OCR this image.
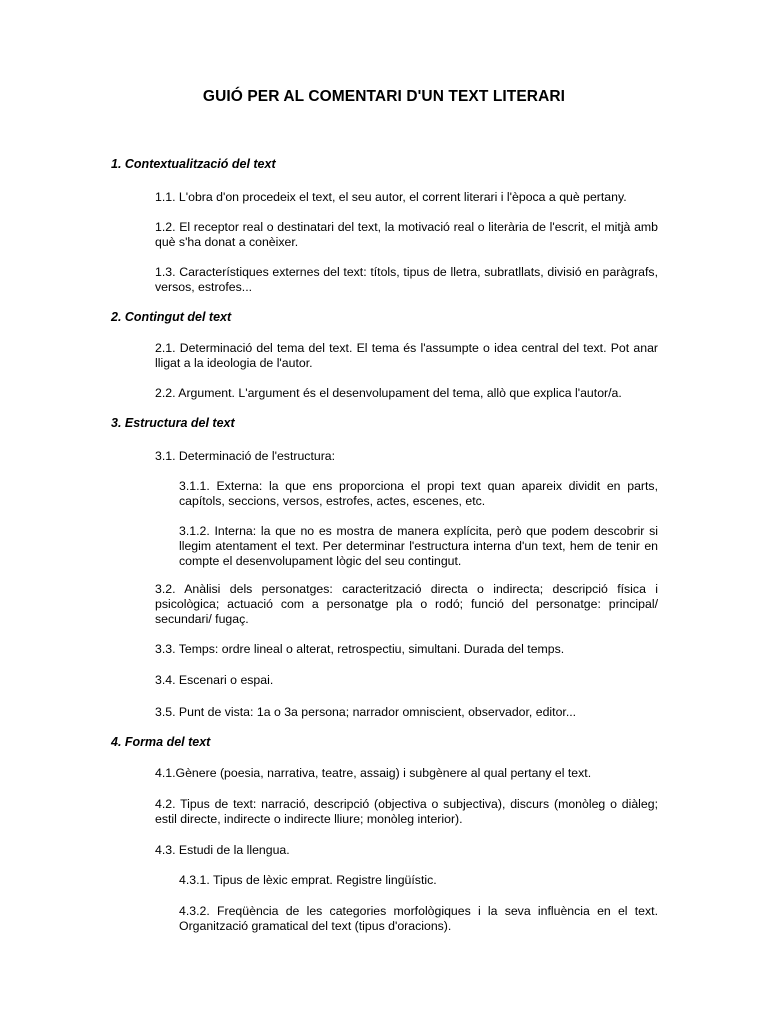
GUIÓ PER AL COMENTARI D'UN TEXT LITERARI
1. Contextualització del text

1.1. L'obra d'on procedeix el text, el seu autor, el corrent literari i l'època a què pertany.

1.2. El receptor real o destinatari del text, la motivació real o literària de l'escrit, el mitjà amb què s'ha donat a conèixer.

1.3. Característiques externes del text: títols, tipus de lletra, subratllats, divisió en paràgrafs, versos, estrofes...

2. Contingut del text

2.1. Determinació del tema del text. El tema és l'assumpte o idea central del text. Pot anar lligat a la ideologia de l'autor.

2.2. Argument. L'argument és el desenvolupament del tema, allò que explica l'autor/a.

3. Estructura del text

3.1. Determinació de l'estructura:

3.1.1. Externa: la que ens proporciona el propi text quan apareix dividit en parts, capítols, seccions, versos, estrofes, actes, escenes, etc.

3.1.2. Interna: la que no es mostra de manera explícita, però que podem descobrir si llegim atentament el text. Per determinar l'estructura interna d'un text, hem de tenir en compte el desenvolupament lògic del seu contingut.

3.2. Anàlisi dels personatges: caracterització directa o indirecta; descripció física i psicològica; actuació com a personatge pla o rodó; funció del personatge: principal/ secundari/ fugaç.

3.3. Temps: ordre lineal o alterat, retrospectiu, simultani. Durada del temps.

3.4. Escenari o espai.

3.5. Punt de vista: 1a o 3a persona; narrador omniscient, observador, editor...

4. Forma del text

4.1.Gènere (poesia, narrativa, teatre, assaig) i subgènere al qual pertany el text.

4.2. Tipus de text: narració, descripció (objectiva o subjectiva), discurs (monòleg o diàleg; estil directe, indirecte o indirecte lliure; monòleg interior).

4.3. Estudi de la llengua.

4.3.1. Tipus de lèxic emprat. Registre lingüístic.

4.3.2. Freqüència de les categories morfològiques i la seva influència en el text. Organització gramatical del text (tipus d'oracions).
